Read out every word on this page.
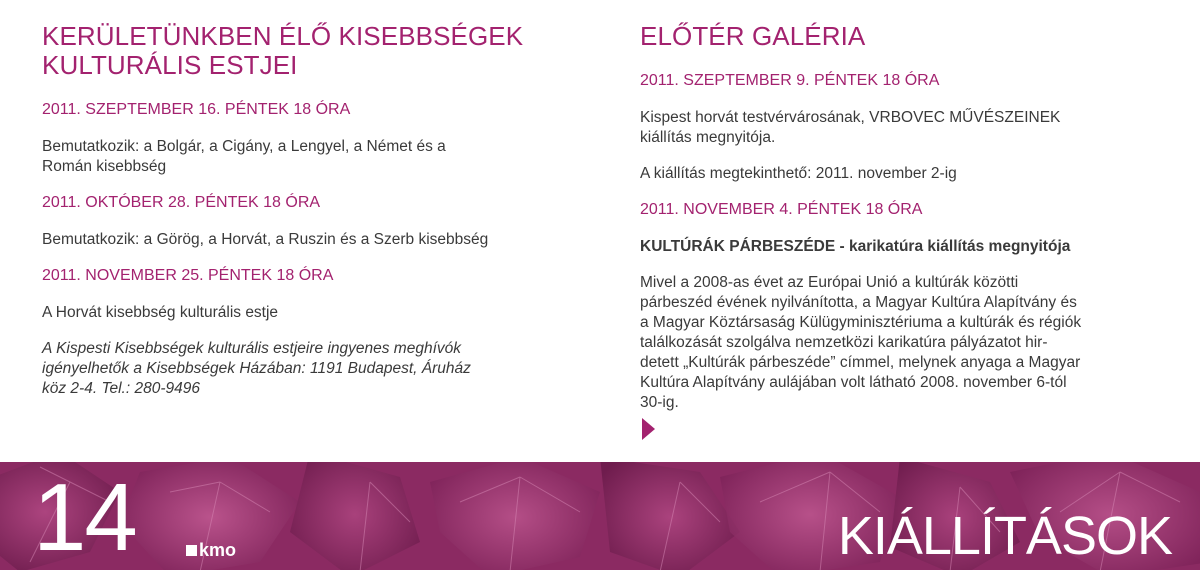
KERÜLETÜNKBEN ÉLŐ KISEBBSÉGEK
KULTURÁLIS ESTJEI
2011. SZEPTEMBER 16. PÉNTEK 18 ÓRA
Bemutatkozik: a Bolgár, a Cigány, a Lengyel, a Német és a
Román kisebbség
2011. OKTÓBER 28. PÉNTEK 18 ÓRA
Bemutatkozik: a Görög, a Horvát, a Ruszin és a Szerb kisebbség
2011. NOVEMBER 25. PÉNTEK 18 ÓRA
A Horvát kisebbség kulturális estje
A Kispesti Kisebbségek kulturális estjeire ingyenes meghívók
igényelhetők a Kisebbségek Házában: 1191 Budapest, Áruház
köz 2-4. Tel.: 280-9496
ELŐTÉR GALÉRIA
2011. SZEPTEMBER 9. PÉNTEK 18 ÓRA
Kispest horvát testvérvárosának, VRBOVEC MŰVÉSZEINEK
kiállítás megnyitója.
A kiállítás megtekinthető: 2011. november 2-ig
2011. NOVEMBER 4. PÉNTEK 18 ÓRA
KULTÚRÁK PÁRBESZÉDE - karikatúra kiállítás megnyitója
Mivel a 2008-as évet az Európai Unió a kultúrák közötti
párbeszéd évének nyilvánította, a Magyar Kultúra Alapítvány és
a Magyar Köztársaság Külügyminisztériuma a kultúrák és régiók
találkozását szolgálva nemzetközi karikatúra pályázatot hir-
detett „Kultúrák párbeszéde” címmel, melynek anyaga a Magyar
Kultúra Alapítvány aulájában volt látható 2008. november 6-tól
30-ig.
14	kmo	KIÁLLÍTÁSOK
